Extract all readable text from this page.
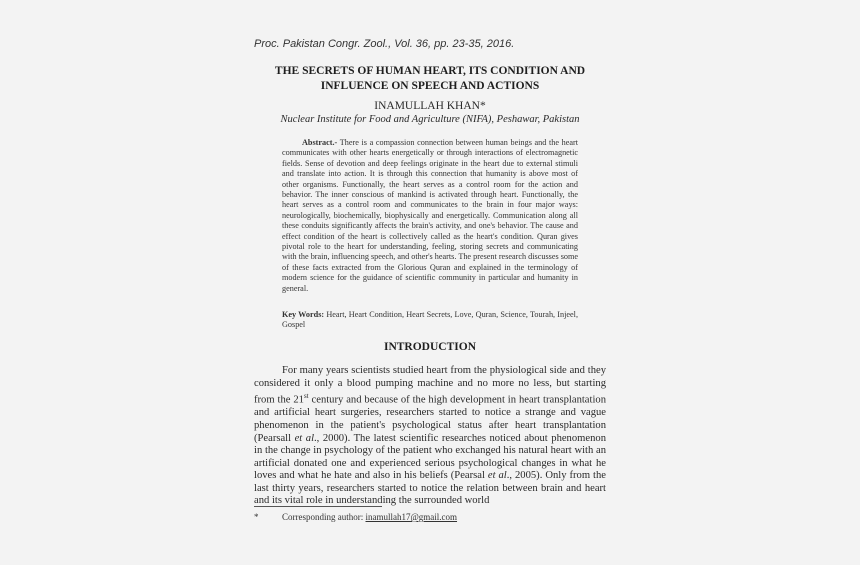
Proc. Pakistan Congr. Zool., Vol. 36, pp. 23-35, 2016.
THE SECRETS OF HUMAN HEART, ITS CONDITION AND
INFLUENCE ON SPEECH AND ACTIONS
INAMULLAH KHAN*
Nuclear Institute for Food and Agriculture (NIFA), Peshawar, Pakistan
Abstract.- There is a compassion connection between human beings and the heart communicates with other hearts energetically or through interactions of electromagnetic fields. Sense of devotion and deep feelings originate in the heart due to external stimuli and translate into action. It is through this connection that humanity is above most of other organisms. Functionally, the heart serves as a control room for the action and behavior. The inner conscious of mankind is activated through heart. Functionally, the heart serves as a control room and communicates to the brain in four major ways: neurologically, biochemically, biophysically and energetically. Communication along all these conduits significantly affects the brain's activity, and one's behavior. The cause and effect condition of the heart is collectively called as the heart's condition. Quran gives pivotal role to the heart for understanding, feeling, storing secrets and communicating with the brain, influencing speech, and other's hearts. The present research discusses some of these facts extracted from the Glorious Quran and explained in the terminology of modern science for the guidance of scientific community in particular and humanity in general.
Key Words: Heart, Heart Condition, Heart Secrets, Love, Quran, Science, Tourah, Injeel, Gospel
INTRODUCTION

For many years scientists studied heart from the physiological side and they considered it only a blood pumping machine and no more no less, but starting from the 21st century and because of the high development in heart transplantation and artificial heart surgeries, researchers started to notice a strange and vague phenomenon in the patient's psychological status after heart transplantation (Pearsall et al., 2000). The latest scientific researches noticed about phenomenon in the change in psychology of the patient who exchanged his natural heart with an artificial donated one and experienced serious psychological changes in what he loves and what he hate and also in his beliefs (Pearsal et al., 2005). Only from the last thirty years, researchers started to notice the relation between brain and heart and its vital role in understanding the surrounded world

*	Corresponding author: inamullah17@gmail.com
